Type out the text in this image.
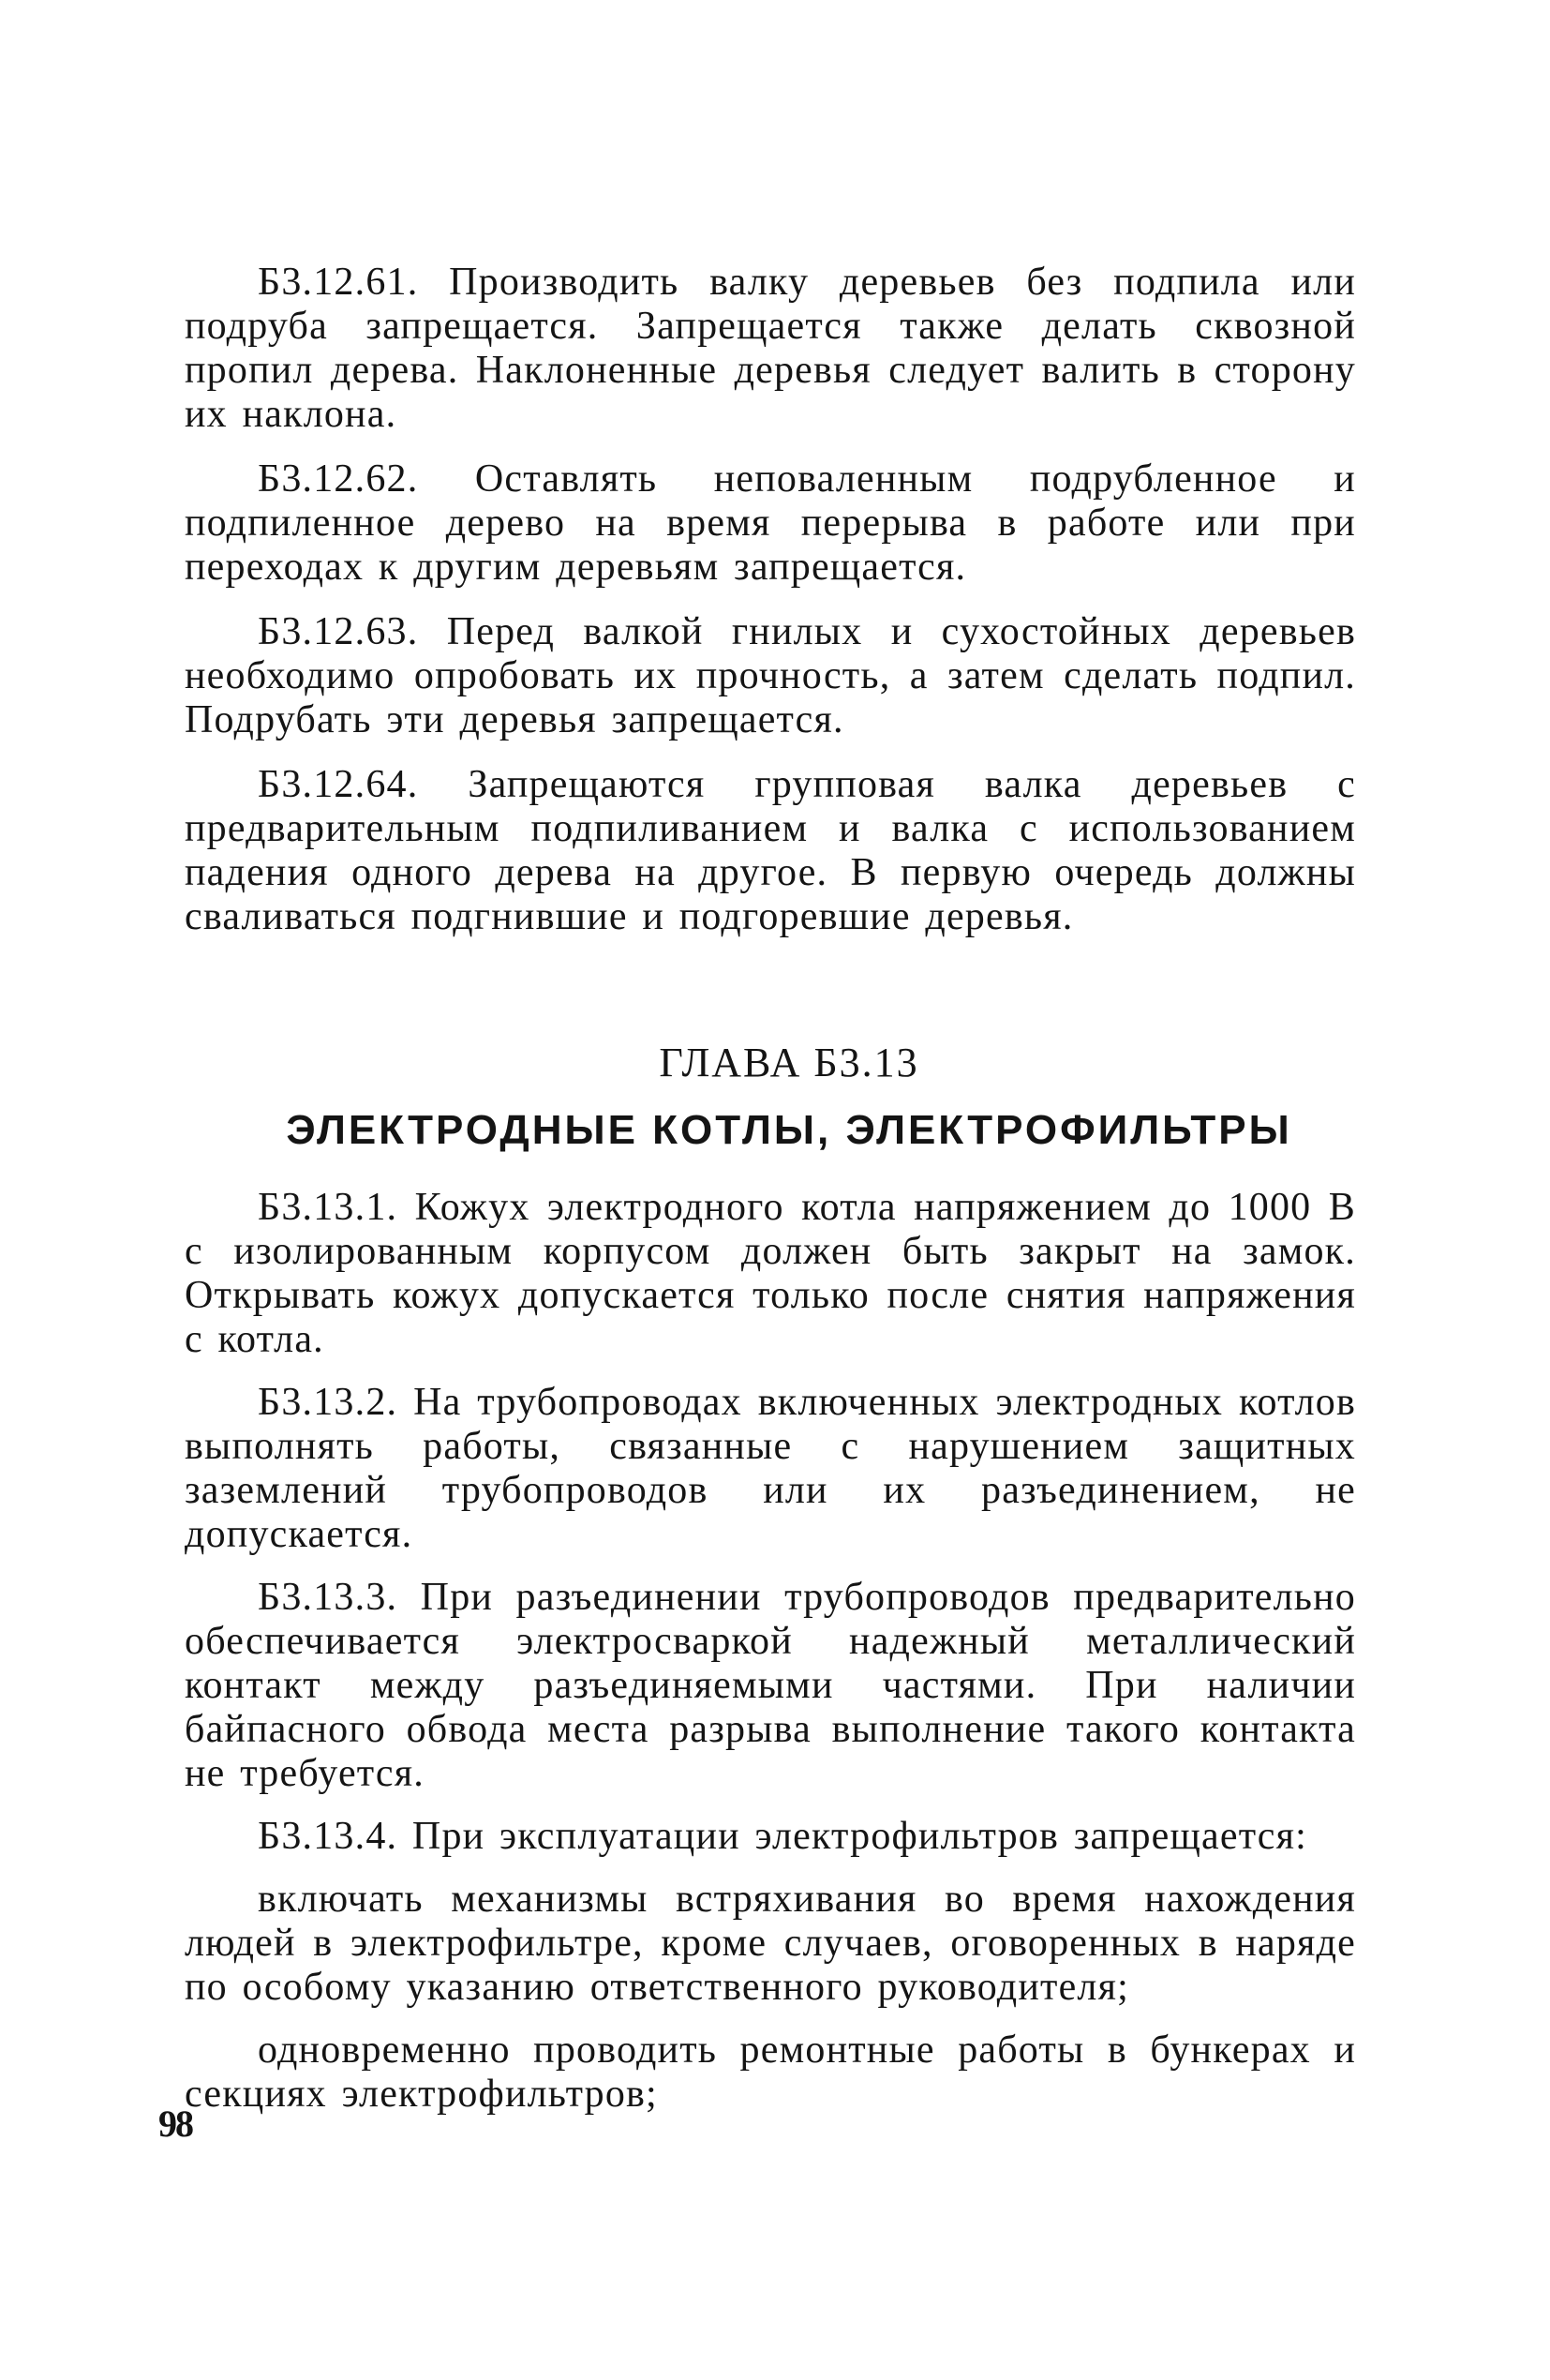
Б3.12.61. Производить валку деревьев без подпила или подруба запрещается. Запрещается также делать сквозной пропил дерева. Наклоненные деревья следует валить в сторону их наклона.

Б3.12.62. Оставлять неповаленным подрубленное и подпиленное дерево на время перерыва в работе или при переходах к другим деревьям запрещается.

Б3.12.63. Перед валкой гнилых и сухостойных деревьев необходимо опробовать их прочность, а затем сделать подпил. Подрубать эти деревья запрещается.

Б3.12.64. Запрещаются групповая валка деревьев с предварительным подпиливанием и валка с использованием падения одного дерева на другое. В первую очередь должны сваливаться подгнившие и подгоревшие деревья.

ГЛАВА Б3.13
ЭЛЕКТРОДНЫЕ КОТЛЫ, ЭЛЕКТРОФИЛЬТРЫ

Б3.13.1. Кожух электродного котла напряжением до 1000 В с изолированным корпусом должен быть закрыт на замок. Открывать кожух допускается только после снятия напряжения с котла.

Б3.13.2. На трубопроводах включенных электродных котлов выполнять работы, связанные с нарушением защитных заземлений трубопроводов или их разъединением, не допускается.

Б3.13.3. При разъединении трубопроводов предварительно обеспечивается электросваркой надежный металлический контакт между разъединяемыми частями. При наличии байпасного обвода места разрыва выполнение такого контакта не требуется.

Б3.13.4. При эксплуатации электрофильтров запрещается:

включать механизмы встряхивания во время нахождения людей в электрофильтре, кроме случаев, оговоренных в наряде по особому указанию ответственного руководителя;

одновременно проводить ремонтные работы в бункерах и секциях электрофильтров;

98
